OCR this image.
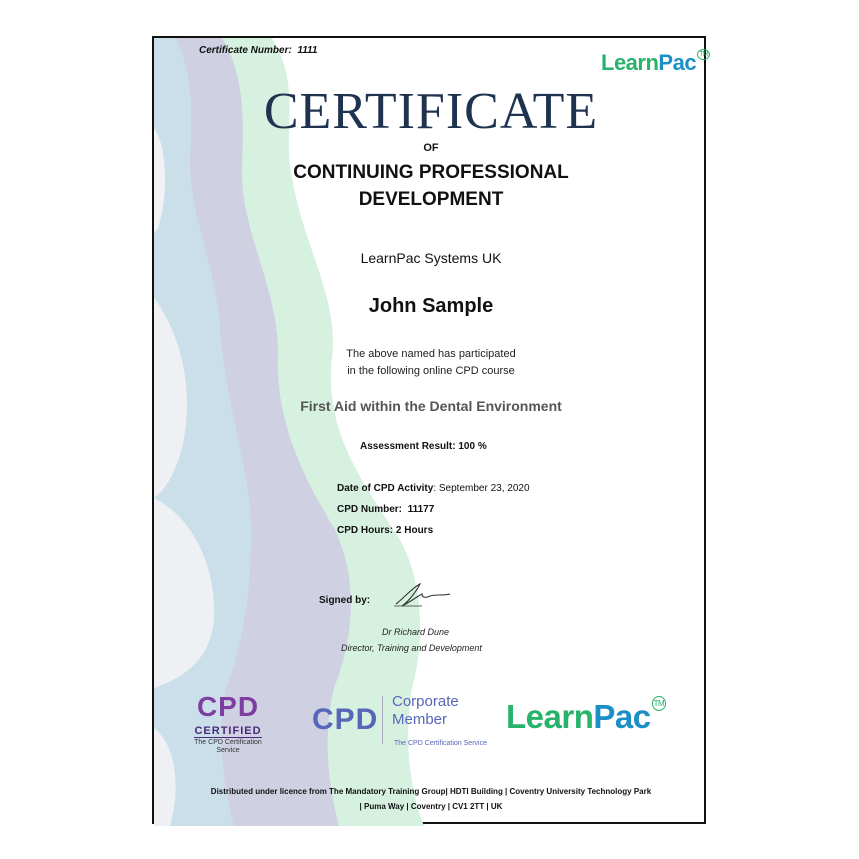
Certificate Number: 1111	LearnPac ™
CERTIFICATE
OF
CONTINUING PROFESSIONAL
DEVELOPMENT
LearnPac Systems UK
John Sample
The above named has participated
in the following online CPD course
First Aid within the Dental Environment
Assessment Result: 100 %
Date of CPD Activity: September 23, 2020
CPD Number: 11177
CPD Hours: 2 Hours
Signed by:
Dr Richard Dune
Director, Training and Development
CPD
CERTIFIED
The CPD Certification
Service
CPD
Corporate
Member
The CPD Certification Service
LearnPac ™
Distributed under licence from The Mandatory Training Group| HDTI Building | Coventry University Technology Park
| Puma Way | Coventry | CV1 2TT | UK
